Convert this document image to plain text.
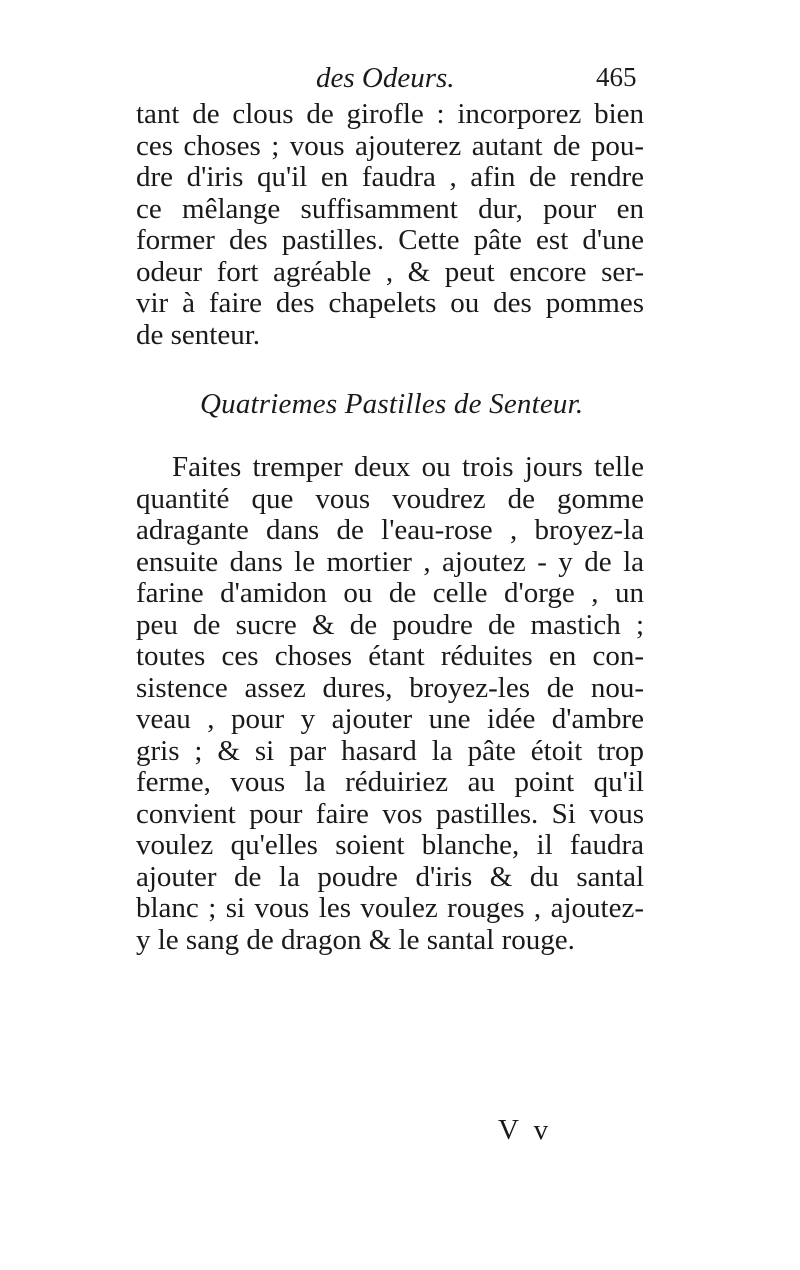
des Odeurs.	465
tant de clous de girofle : incorporez bien
ces choses ; vous ajouterez autant de pou-
dre d'iris qu'il en faudra , afin de rendre
ce mêlange suffisamment dur, pour en
former des pastilles. Cette pâte est d'une
odeur fort agréable , & peut encore ser-
vir à faire des chapelets ou des pommes
de senteur.
Quatriemes Pastilles de Senteur.
Faites tremper deux ou trois jours telle
quantité que vous voudrez de gomme
adragante dans de l'eau-rose , broyez-la
ensuite dans le mortier , ajoutez - y de la
farine d'amidon ou de celle d'orge , un
peu de sucre & de poudre de mastich ;
toutes ces choses étant réduites en con-
sistence assez dures, broyez-les de nou-
veau , pour y ajouter une idée d'ambre
gris ; & si par hasard la pâte étoit trop
ferme, vous la réduiriez au point qu'il
convient pour faire vos pastilles. Si vous
voulez qu'elles soient blanche, il faudra
ajouter de la poudre d'iris & du santal
blanc ; si vous les voulez rouges , ajoutez-
y le sang de dragon & le santal rouge.
V v
